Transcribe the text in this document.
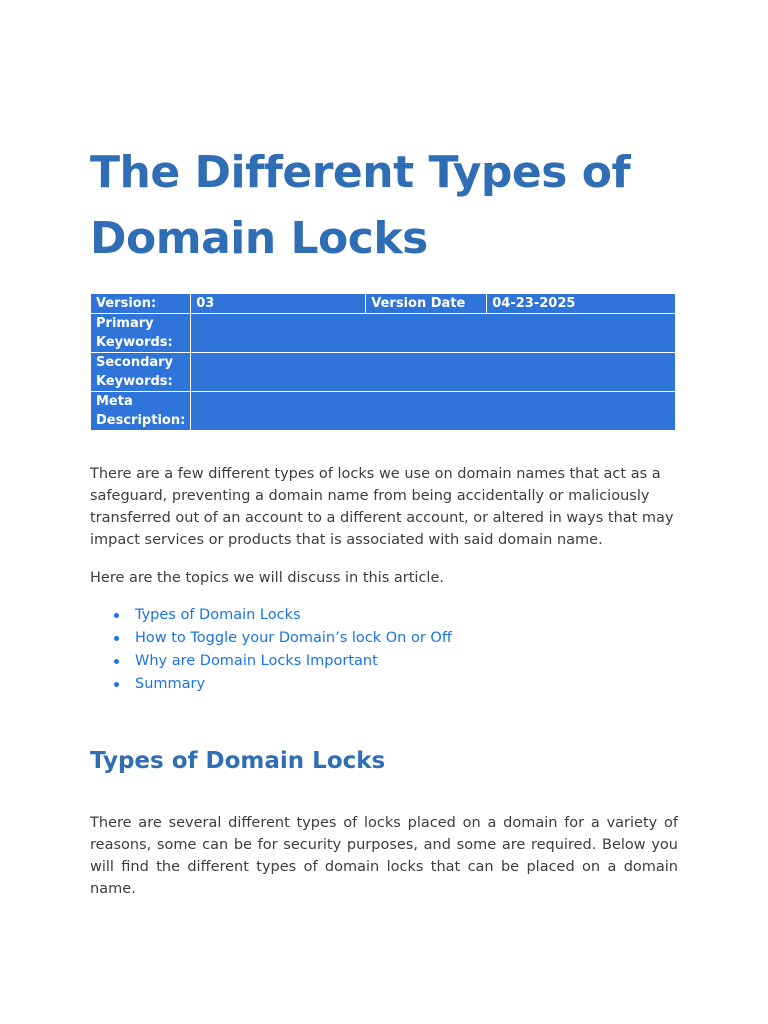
The Different Types of
Domain Locks
Version:	03	Version Date	04-23-2025
Primary Keywords:			
Secondary Keywords:			
Meta Description:			

There are a few different types of locks we use on domain names that act as a safeguard, preventing a domain name from being accidentally or maliciously transferred out of an account to a different account, or altered in ways that may impact services or products that is associated with said domain name.

Here are the topics we will discuss in this article.

Types of Domain Locks
How to Toggle your Domain’s lock On or Off
Why are Domain Locks Important
Summary
Types of Domain Locks

There are several different types of locks placed on a domain for a variety of reasons, some can be for security purposes, and some are required. Below you will find the different types of domain locks that can be placed on a domain name.
